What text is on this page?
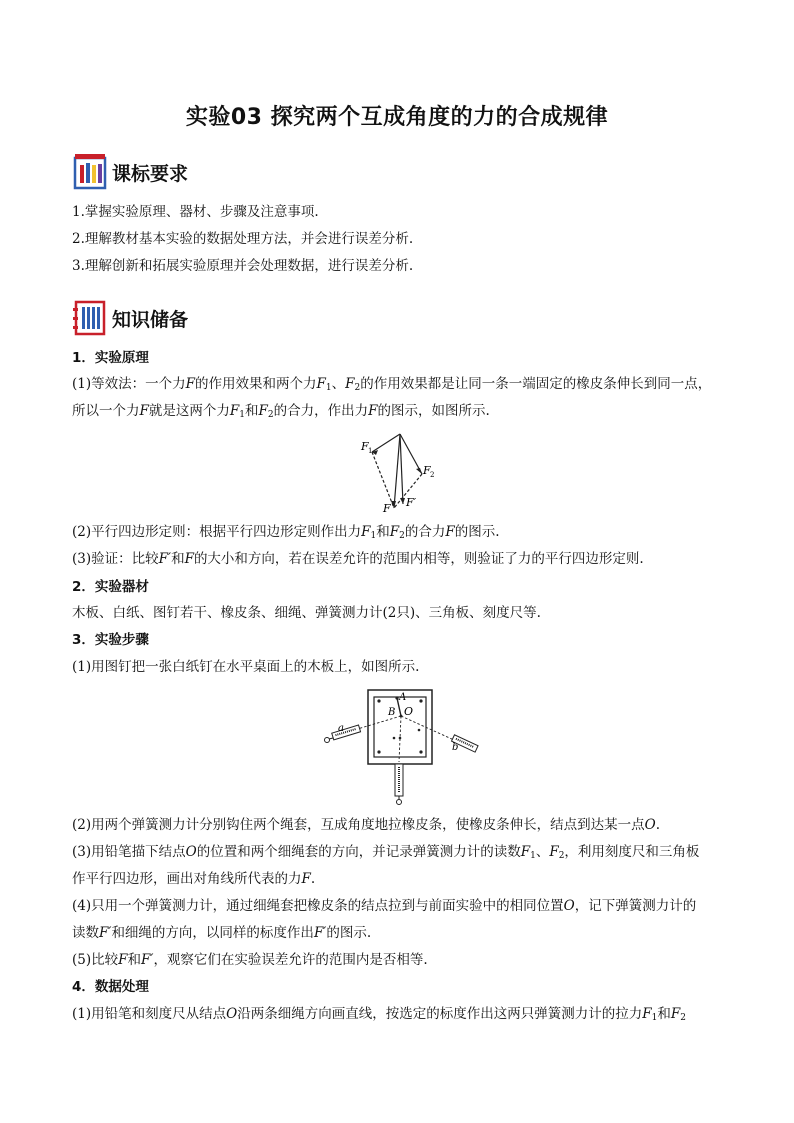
实验03 探究两个互成角度的力的合成规律
课标要求
1.掌握实验原理、器材、步骤及注意事项.
2.理解教材基本实验的数据处理方法，并会进行误差分析.
3.理解创新和拓展实验原理并会处理数据，进行误差分析.
知识储备
1．实验原理
(1)等效法：一个力F的作用效果和两个力$F_1$、$F_2$的作用效果都是让同一条一端固定的橡皮条伸长到同一点，
所以一个力F就是这两个力$F_1$和$F_2$的合力，作出力F的图示，如图所示.
F 1
F 2
F F′
(2)平行四边形定则：根据平行四边形定则作出力$F_1$和$F_2$的合力F的图示.
(3)验证：比较F′和F的大小和方向，若在误差允许的范围内相等，则验证了力的平行四边形定则.
2．实验器材
木板、白纸、图钉若干、橡皮条、细绳、弹簧测力计(2只)、三角板、刻度尺等.
3．实验步骤
(1)用图钉把一张白纸钉在水平桌面上的木板上，如图所示.
a
b
A
B O
(2)用两个弹簧测力计分别钩住两个绳套，互成角度地拉橡皮条，使橡皮条伸长，结点到达某一点O.
(3)用铅笔描下结点O的位置和两个细绳套的方向，并记录弹簧测力计的读数$F_1$、$F_2$，利用刻度尺和三角板
作平行四边形，画出对角线所代表的力F.
(4)只用一个弹簧测力计，通过细绳套把橡皮条的结点拉到与前面实验中的相同位置O，记下弹簧测力计的
读数F′和细绳的方向，以同样的标度作出F′的图示.
(5)比较F和F′，观察它们在实验误差允许的范围内是否相等.
4．数据处理
(1)用铅笔和刻度尺从结点O沿两条细绳方向画直线，按选定的标度作出这两只弹簧测力计的拉力$F_1$和$F_2$
